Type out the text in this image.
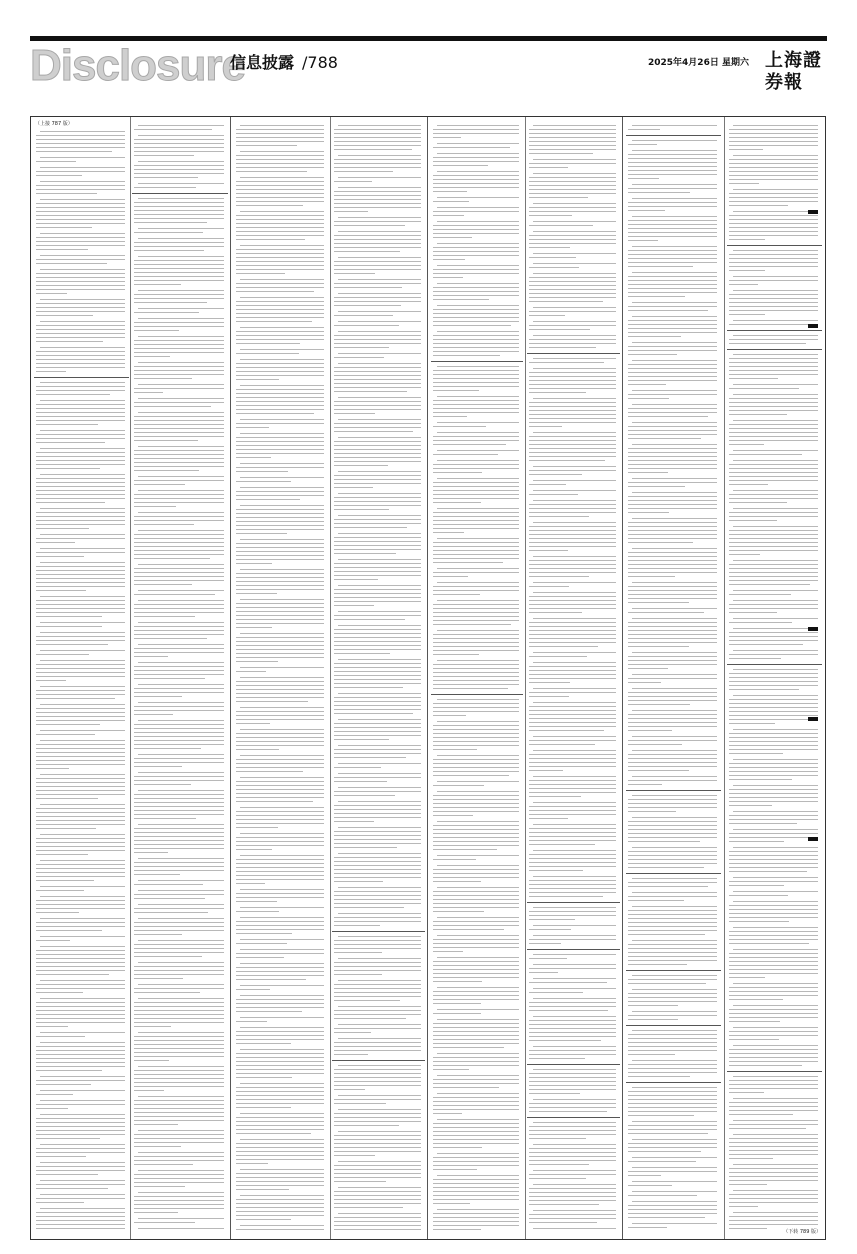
Disclosure
信息披露 /788	2025年4月26日 星期六 上海證券報
（上接 787 版）
（下转 789 版）
